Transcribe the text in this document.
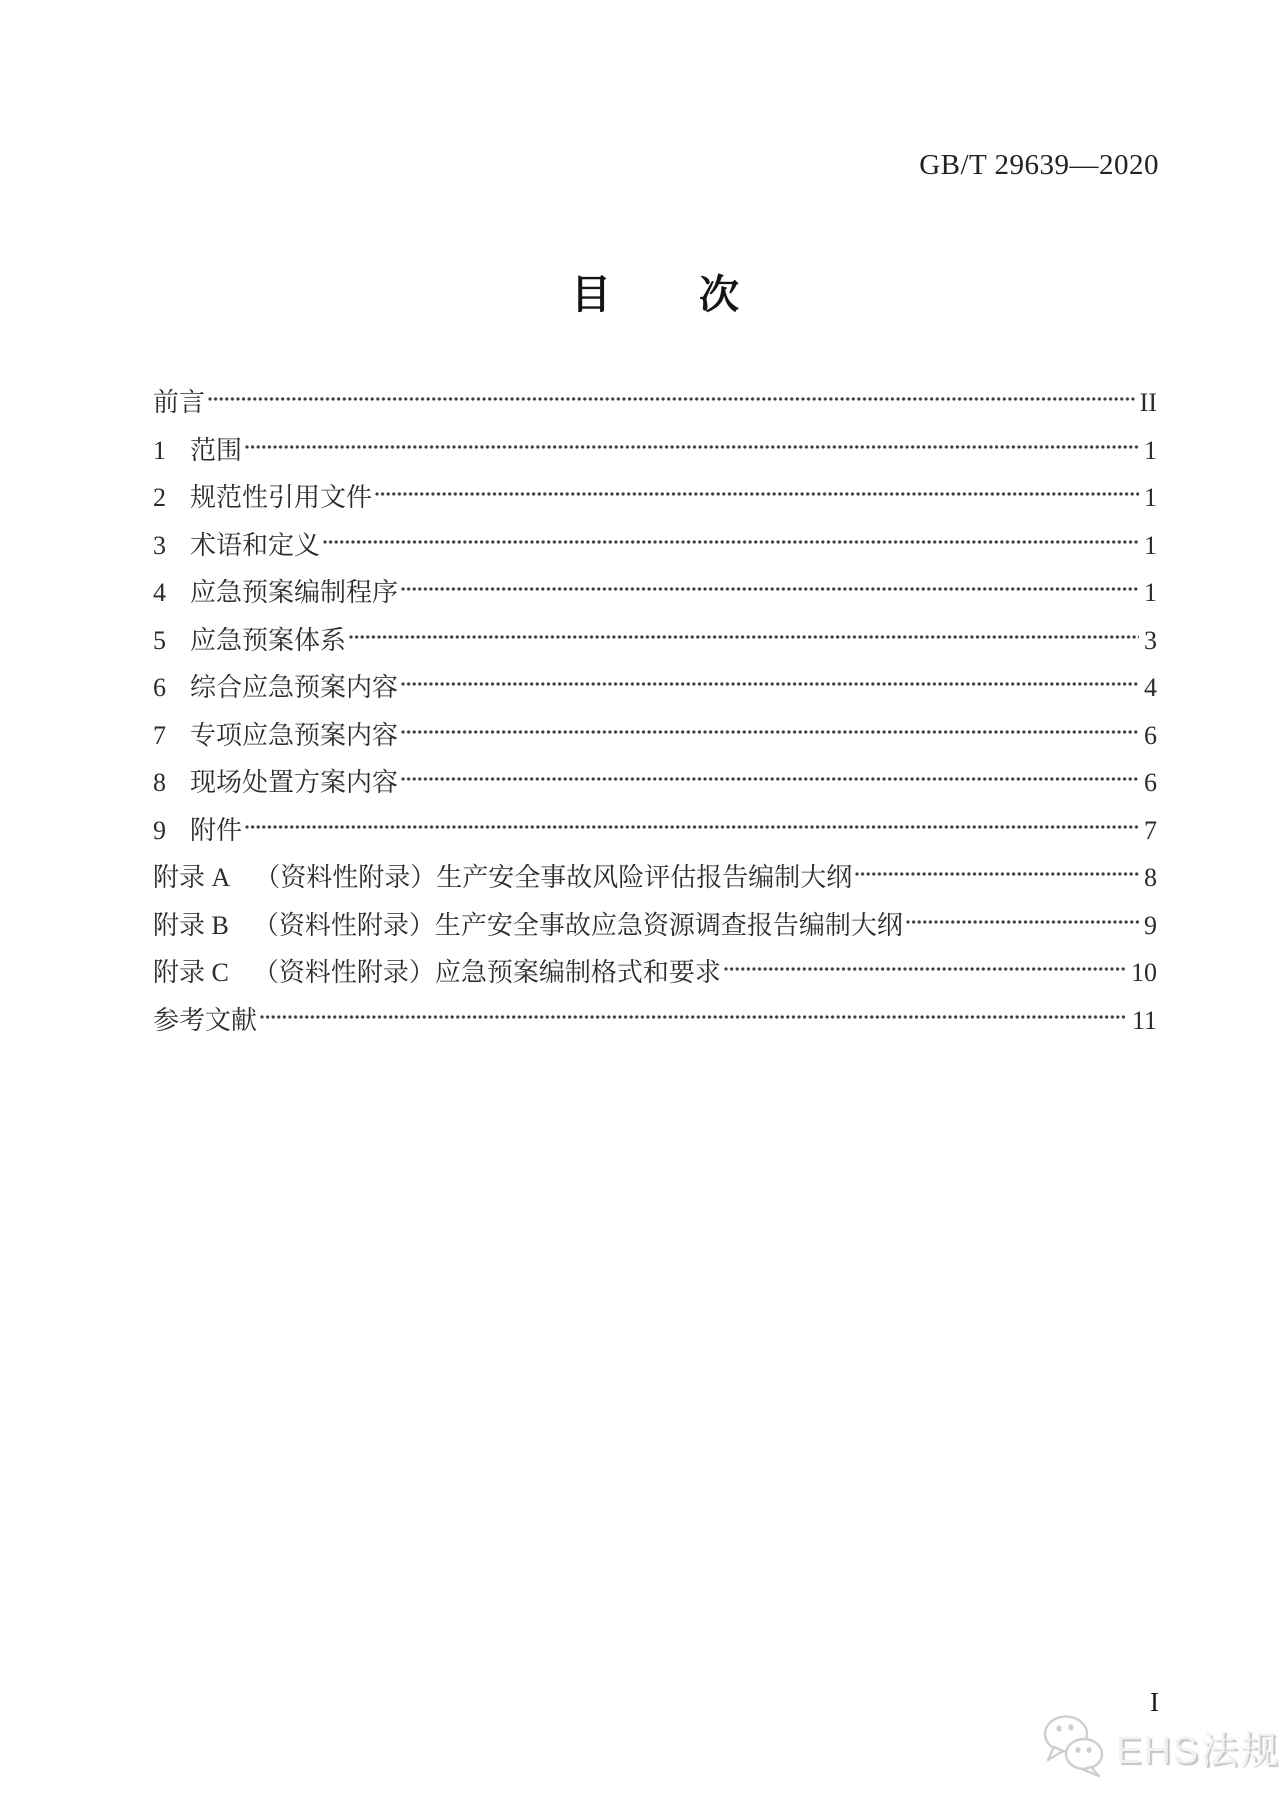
GB/T 29639—2020
目 次
前言	II
1 范围	1
2 规范性引用文件	1
3 术语和定义	1
4 应急预案编制程序	1
5 应急预案体系	3
6 综合应急预案内容	4
7 专项应急预案内容	6
8 现场处置方案内容	6
9 附件	7
附录 A （资料性附录）生产安全事故风险评估报告编制大纲	8
附录 B （资料性附录）生产安全事故应急资源调查报告编制大纲	9
附录 C （资料性附录）应急预案编制格式和要求	10
参考文献	11
I
EHS法规
